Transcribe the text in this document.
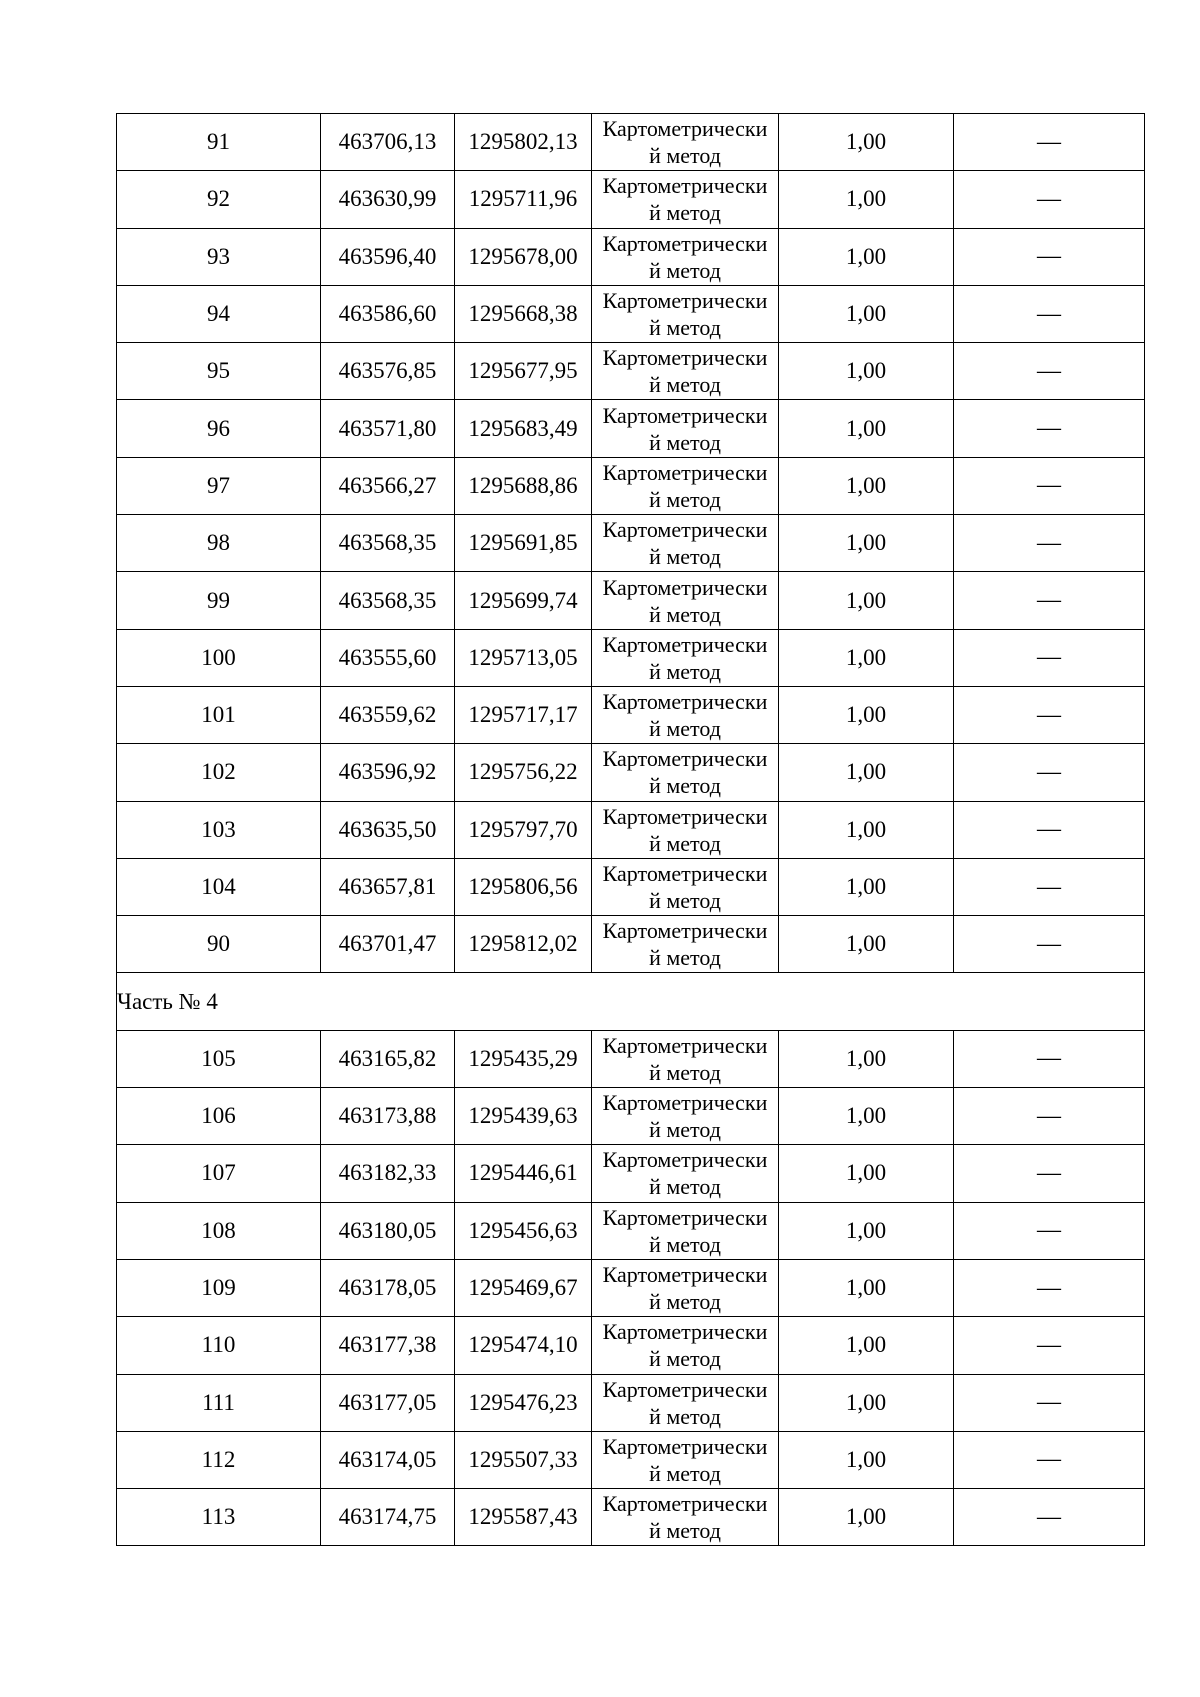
91	463706,13	1295802,13	Картометрически й метод	1,00	—
92	463630,99	1295711,96	Картометрически й метод	1,00	—
93	463596,40	1295678,00	Картометрически й метод	1,00	—
94	463586,60	1295668,38	Картометрически й метод	1,00	—
95	463576,85	1295677,95	Картометрически й метод	1,00	—
96	463571,80	1295683,49	Картометрически й метод	1,00	—
97	463566,27	1295688,86	Картометрически й метод	1,00	—
98	463568,35	1295691,85	Картометрически й метод	1,00	—
99	463568,35	1295699,74	Картометрически й метод	1,00	—
100	463555,60	1295713,05	Картометрически й метод	1,00	—
101	463559,62	1295717,17	Картометрически й метод	1,00	—
102	463596,92	1295756,22	Картометрически й метод	1,00	—
103	463635,50	1295797,70	Картометрически й метод	1,00	—
104	463657,81	1295806,56	Картометрически й метод	1,00	—
90	463701,47	1295812,02	Картометрически й метод	1,00	—
Часть № 4					
105	463165,82	1295435,29	Картометрически й метод	1,00	—
106	463173,88	1295439,63	Картометрически й метод	1,00	—
107	463182,33	1295446,61	Картометрически й метод	1,00	—
108	463180,05	1295456,63	Картометрически й метод	1,00	—
109	463178,05	1295469,67	Картометрически й метод	1,00	—
110	463177,38	1295474,10	Картометрически й метод	1,00	—
111	463177,05	1295476,23	Картометрически й метод	1,00	—
112	463174,05	1295507,33	Картометрически й метод	1,00	—
113	463174,75	1295587,43	Картометрически й метод	1,00	—
